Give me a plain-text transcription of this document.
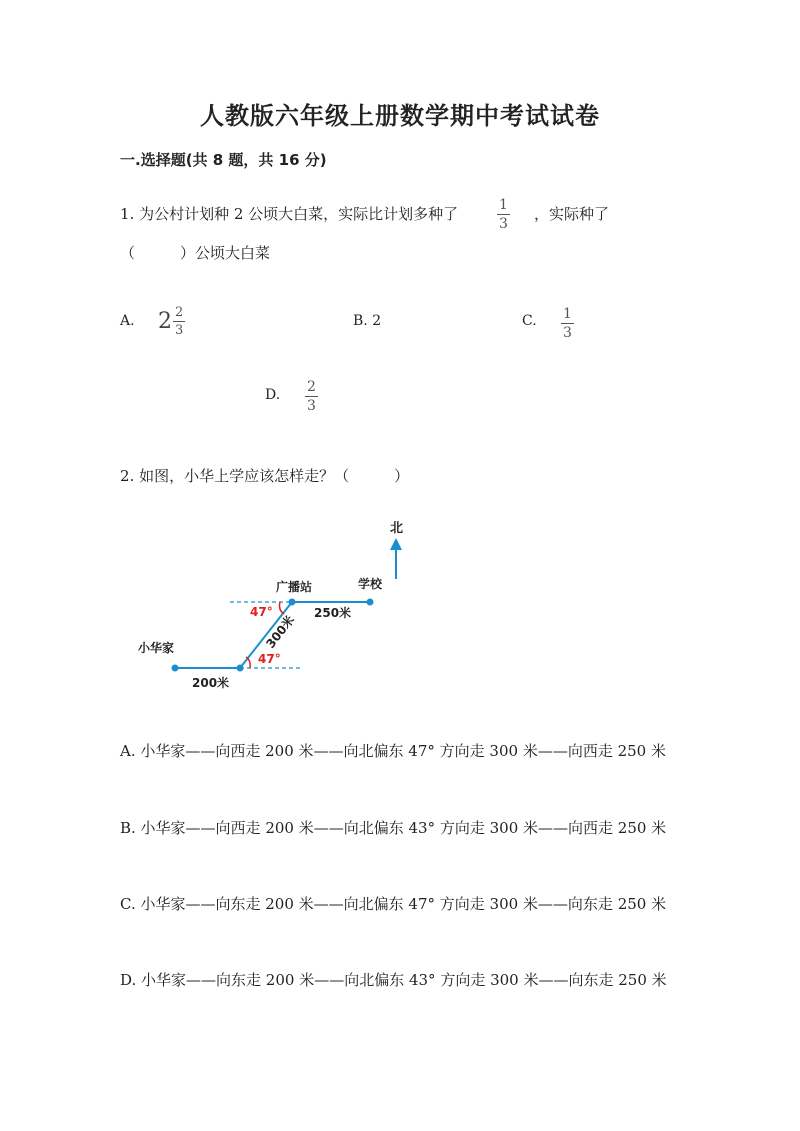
人教版六年级上册数学期中考试试卷
一.选择题(共 8 题，共 16 分)
1. 为公村计划种 2 公顷大白菜，实际比计划多种了	$\frac{1}{3}$ ，实际种了
（　　　）公顷大白菜
A. $2 \frac{2}{3}$	B. 2	C. $\frac{1}{3}$
D. $\frac{2}{3}$
2. 如图，小华上学应该怎样走？（　　　）
北
广播站	学校
小华家
250米
200米
300米
47°
47°
A. 小华家——向西走 200 米——向北偏东 47° 方向走 300 米——向西走 250 米
B. 小华家——向西走 200 米——向北偏东 43° 方向走 300 米——向西走 250 米
C. 小华家——向东走 200 米——向北偏东 47° 方向走 300 米——向东走 250 米
D. 小华家——向东走 200 米——向北偏东 43° 方向走 300 米——向东走 250 米
